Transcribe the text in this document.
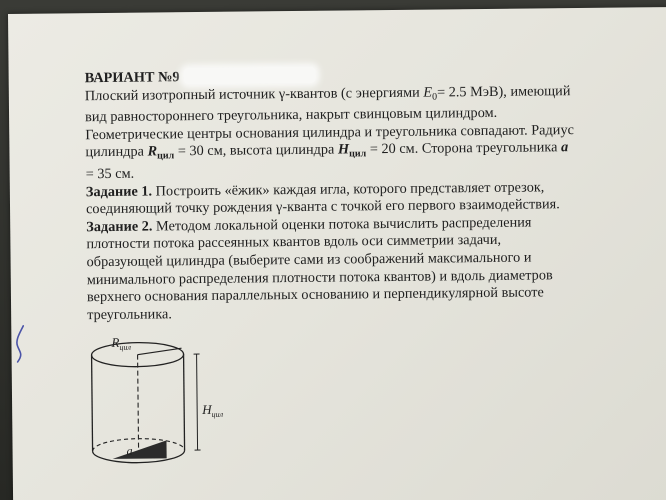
ВАРИАНТ №9
Плоский изотропный источник γ-квантов (с энергиями $E_0= 2.5$ МэВ), имеющий
вид равностороннего треугольника, накрыт свинцовым цилиндром.
Геометрические центры основания цилиндра и треугольника совпадают. Радиус
цилиндра $R_{цил} = 30$ см, высота цилиндра $H_{цил} = 20$ см. Сторона треугольника a
= 35 см.
Задание 1. Построить «ёжик» каждая игла, которого представляет отрезок,
соединяющий точку рождения γ-кванта с точкой его первого взаимодействия.
Задание 2. Методом локальной оценки потока вычислить распределения
плотности потока рассеянных квантов вдоль оси симметрии задачи,
образующей цилиндра (выберите сами из соображений максимального и
минимального распределения плотности потока квантов) и вдоль диаметров
верхнего основания параллельных основанию и перпендикулярной высоте
треугольника.
$R_{цил}$
$H_{цил}$
a
